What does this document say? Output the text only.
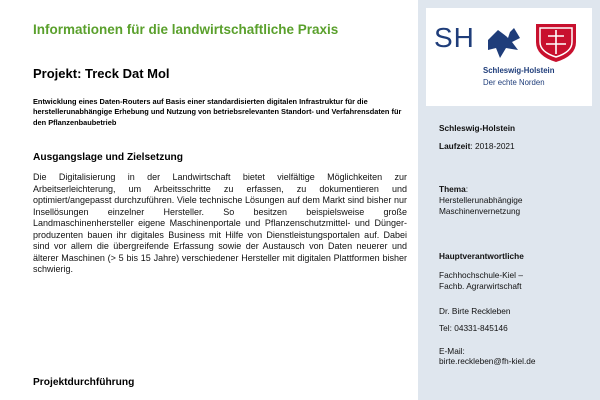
Informationen für die landwirtschaftliche Praxis
Projekt: Treck Dat Mol
Entwicklung eines Daten-Routers auf Basis einer standardisierten digitalen Infrastruktur für die herstellerunabhängige Erhebung und Nutzung von betriebsrelevanten Standort- und Verfahrensdaten für den Pflanzenbaubetrieb
Ausgangslage und Zielsetzung
Die Digitalisierung in der Landwirtschaft bietet vielfältige Möglichkeiten zur Arbeitserleichterung, um Arbeitsschritte zu erfassen, zu dokumentieren und optimiert/angepasst durchzuführen. Viele technische Lösungen auf dem Markt sind bisher nur Insellösungen einzelner Hersteller. So besitzen beispielsweise große Landmaschinenhersteller eigene Maschinenportale und Pflanzenschutzmittel- und Dünger-produzenten bauen ihr digitales Business mit Hilfe von Dienstleistungsportalen auf. Dabei sind vor allem die übergreifende Erfassung sowie der Austausch von Daten neuerer und älterer Maschinen (> 5 bis 15 Jahre) verschiedener Hersteller mit digitalen Plattformen bisher schwierig.
Projektdurchführung
SH
Schleswig-Holstein
Der echte Norden
Schleswig-Holstein
Laufzeit: 2018-2021
Thema:
Herstellerunabhängige Maschinenvernetzung
Hauptverantwortliche
Fachhochschule-Kiel –
Fachb. Agrarwirtschaft
Dr. Birte Reckleben
Tel: 04331-845146
E-Mail:
birte.reckleben@fh-kiel.de
